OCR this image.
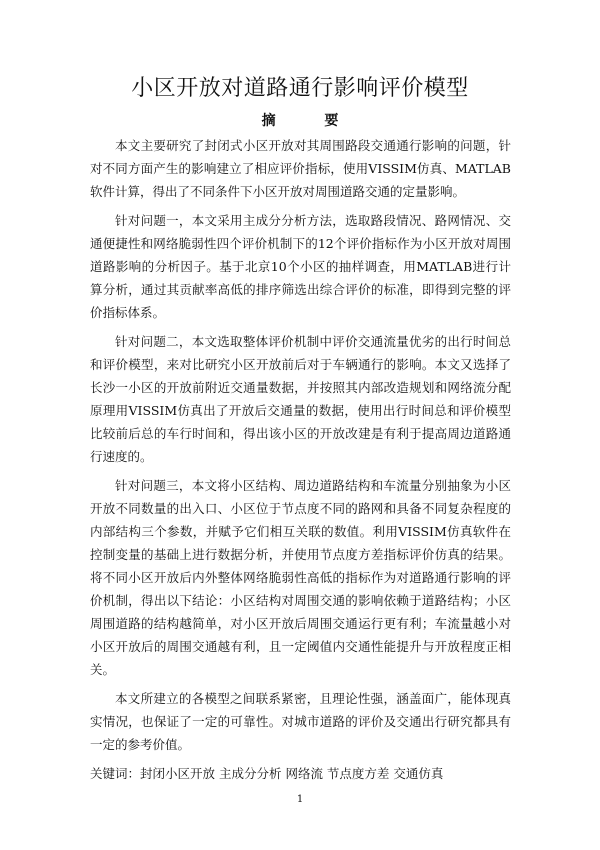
小区开放对道路通行影响评价模型
摘 要

本文主要研究了封闭式小区开放对其周围路段交通通行影响的问题，针对不同方面产生的影响建立了相应评价指标，使用VISSIM仿真、MATLAB软件计算，得出了不同条件下小区开放对周围道路交通的定量影响。

针对问题一，本文采用主成分分析方法，选取路段情况、路网情况、交通便捷性和网络脆弱性四个评价机制下的12个评价指标作为小区开放对周围道路影响的分析因子。基于北京10个小区的抽样调查，用MATLAB进行计算分析，通过其贡献率高低的排序筛选出综合评价的标准，即得到完整的评价指标体系。

针对问题二，本文选取整体评价机制中评价交通流量优劣的出行时间总和评价模型，来对比研究小区开放前后对于车辆通行的影响。本文又选择了长沙一小区的开放前附近交通量数据，并按照其内部改造规划和网络流分配原理用VISSIM仿真出了开放后交通量的数据，使用出行时间总和评价模型比较前后总的车行时间和，得出该小区的开放改建是有利于提高周边道路通行速度的。

针对问题三，本文将小区结构、周边道路结构和车流量分别抽象为小区开放不同数量的出入口、小区位于节点度不同的路网和具备不同复杂程度的内部结构三个参数，并赋予它们相互关联的数值。利用VISSIM仿真软件在控制变量的基础上进行数据分析，并使用节点度方差指标评价仿真的结果。将不同小区开放后内外整体网络脆弱性高低的指标作为对道路通行影响的评价机制，得出以下结论：小区结构对周围交通的影响依赖于道路结构；小区周围道路的结构越简单，对小区开放后周围交通运行更有利；车流量越小对小区开放后的周围交通越有利，且一定阈值内交通性能提升与开放程度正相关。

本文所建立的各模型之间联系紧密，且理论性强，涵盖面广，能体现真实情况，也保证了一定的可靠性。对城市道路的评价及交通出行研究都具有一定的参考价值。

关键词：封闭小区开放 主成分分析 网络流 节点度方差 交通仿真
1
